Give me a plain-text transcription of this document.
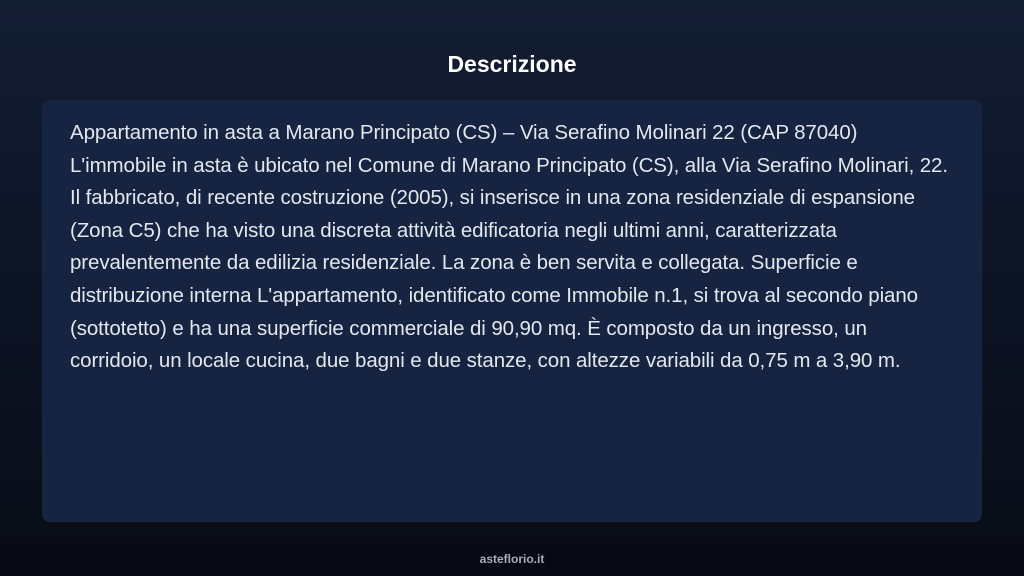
Descrizione

Appartamento in asta a Marano Principato (CS) – Via Serafino Molinari 22 (CAP 87040) L'immobile in asta è ubicato nel Comune di Marano Principato (CS), alla Via Serafino Molinari, 22. Il fabbricato, di recente costruzione (2005), si inserisce in una zona residenziale di espansione (Zona C5) che ha visto una discreta attività edificatoria negli ultimi anni, caratterizzata prevalentemente da edilizia residenziale. La zona è ben servita e collegata. Superficie e distribuzione interna L'appartamento, identificato come Immobile n.1, si trova al secondo piano (sottotetto) e ha una superficie commerciale di 90,90 mq. È composto da un ingresso, un corridoio, un locale cucina, due bagni e due stanze, con altezze variabili da 0,75 m a 3,90 m.

asteflorio.it
